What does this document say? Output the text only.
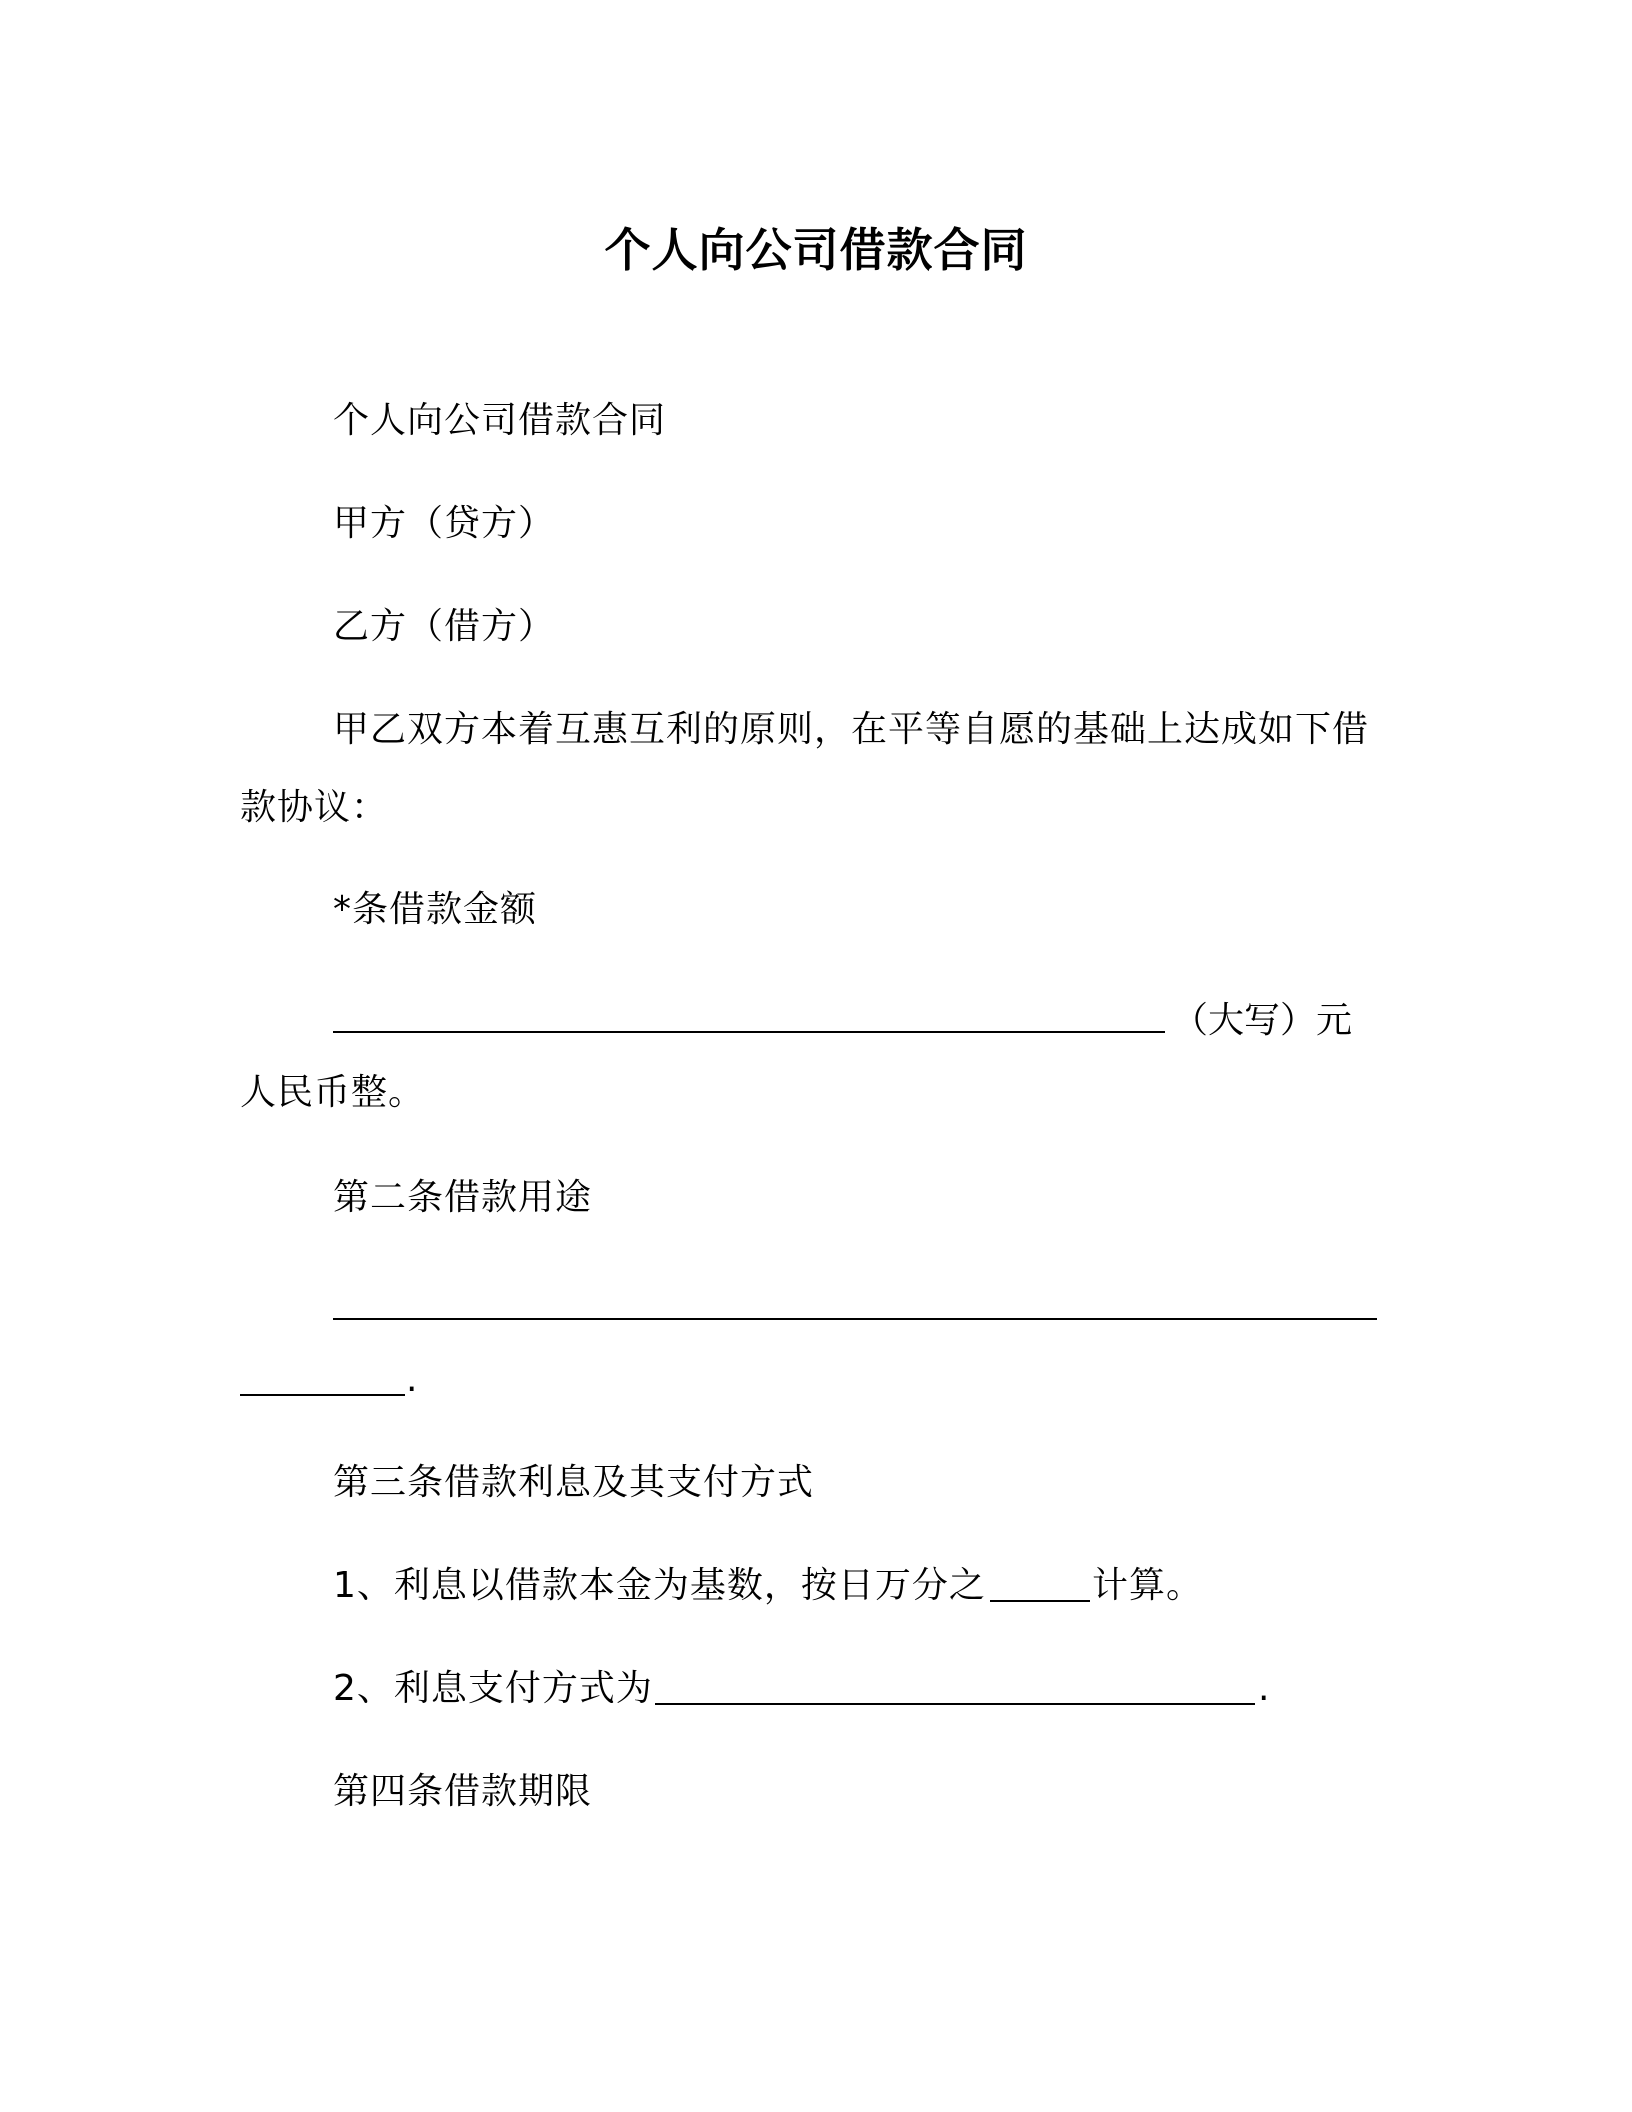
个人向公司借款合同
个人向公司借款合同
甲方（贷方）
乙方（借方）
甲乙双方本着互惠互利的原则，在平等自愿的基础上达成如下借
款协议：
*条借款金额
（大写）元
人民币整。
第二条借款用途
.
第三条借款利息及其支付方式
1、利息以借款本金为基数，按日万分之	计算。
2、利息支付方式为	.
第四条借款期限
